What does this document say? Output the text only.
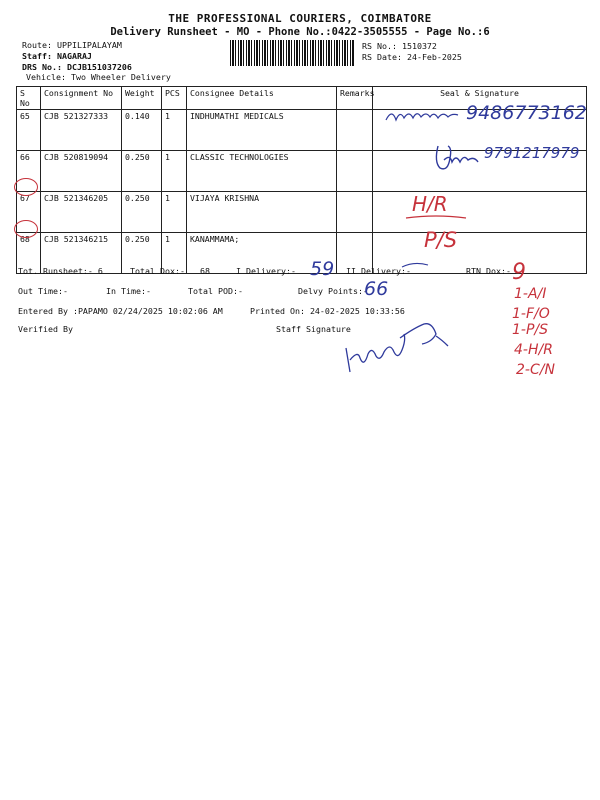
THE PROFESSIONAL COURIERS, COIMBATORE
Delivery Runsheet - MO - Phone No.:0422-3505555 - Page No.:6
Route: UPPILIPALAYAM
Staff: NAGARAJ
DRS No.: DCJB151037206
Vehicle: Two Wheeler Delivery
RS No.: 1510372
RS Date: 24-Feb-2025
S No	Consignment No	Weight	PCS	Consignee Details	Remarks	Seal & Signature
65	CJB 521327333	0.140	1	INDHUMATHI MEDICALS		
66	CJB 520819094	0.250	1	CLASSIC TECHNOLOGIES		
67	CJB 521346205	0.250	1	VIJAYA KRISHNA		
68	CJB 521346215	0.250	1	KANAMMAMA;		
9486773162
9791217979
H/R
P/S
Tot. Runsheet:- 6	Total Dox:- 68	I Delivery:-	II Delivery:-	RTN Dox:-
Out Time:-	In Time:-	Total POD:-	Delvy Points:-
Entered By :PAPAMO 02/24/2025 10:02:06 AM	Printed On: 24-02-2025 10:33:56
Verified By	Staff Signature
59	9
66	1-A/I
1-F/O
1-P/S
4-H/R
2-C/N
